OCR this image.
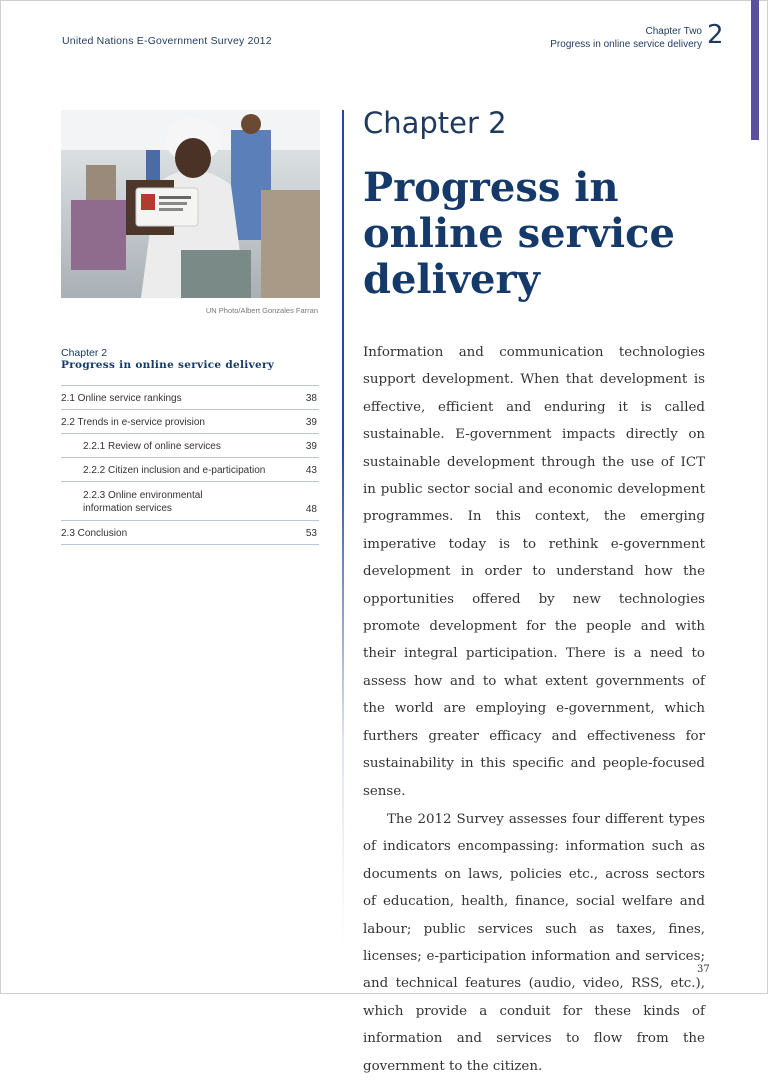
United Nations E-Government Survey 2012
Chapter Two
Progress in online service delivery 2
UN Photo/Albert Gonzales Farran
Chapter 2
Progress in online service delivery
Chapter 2
Progress in online service delivery
2.1 Online service rankings	38
2.2 Trends in e-service provision	39
2.2.1 Review of online services	39
2.2.2 Citizen inclusion and e-participation	43
2.2.3 Online environmental information services	48
2.3 Conclusion	53

Information and communication technologies support development. When that development is effective, efficient and enduring it is called sustainable. E-government impacts directly on sustainable development through the use of ICT in public sector social and economic development programmes. In this context, the emerging imperative today is to rethink e-government development in order to understand how the opportunities offered by new technologies promote development for the people and with their integral participation. There is a need to assess how and to what extent governments of the world are employing e-government, which furthers greater efficacy and effectiveness for sustainability in this specific and people-focused sense.

The 2012 Survey assesses four different types of indicators encompassing: information such as documents on laws, policies etc., across sectors of education, health, finance, social welfare and labour; public services such as taxes, fines, licenses; e-participation information and services; and technical features (audio, video, RSS, etc.), which provide a conduit for these kinds of information and services to flow from the government to the citizen.

37
